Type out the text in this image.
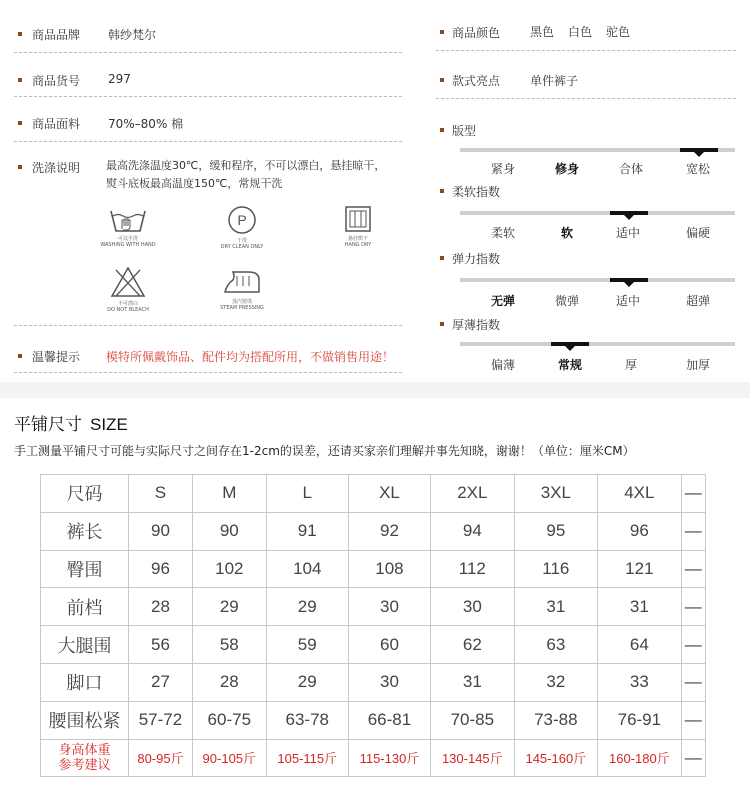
商品品牌 韩纱梵尔
商品货号 297
商品面料 70%–80% 棉
洗涤说明 最高洗涤温度30℃，缓和程序，不可以漂白，悬挂晾干，
熨斗底板最高温度150℃，常规干洗
可以手洗
WASHING WITH HAND
P
干洗
DRY CLEAN ONLY
悬挂烘干
HANG DRY
不可漂白
DO NOT BLEACH
蒸汽熨烫
STEAM PRESSING
温馨提示 模特所佩戴饰品、配件均为搭配所用，不做销售用途！
商品颜色 黑色 白色 驼色
款式亮点 单件裤子
版型
紧身	修身	合体	宽松
柔软指数
柔软	软	适中	偏硬
弹力指数
无弹	微弹	适中	超弹
厚薄指数
偏薄	常规	厚	加厚
平铺尺寸 SIZE
手工测量平铺尺寸可能与实际尺寸之间存在1-2cm的误差，还请买家亲们理解并事先知晓，谢谢！（单位：厘米CM）
尺码	S	M	L	XL	2XL	3XL	4XL	—
裤长	90	90	91	92	94	95	96	—
臀围	96	102	104	108	112	116	121	—
前档	28	29	29	30	30	31	31	—
大腿围	56	58	59	60	62	63	64	—
脚口	27	28	29	30	31	32	33	—
腰围松紧	57-72	60-75	63-78	66-81	70-85	73-88	76-91	—

身高体重
参考建议	80-95斤	90-105斤	105-115斤	115-130斤	130-145斤	145-160斤	160-180斤	—
